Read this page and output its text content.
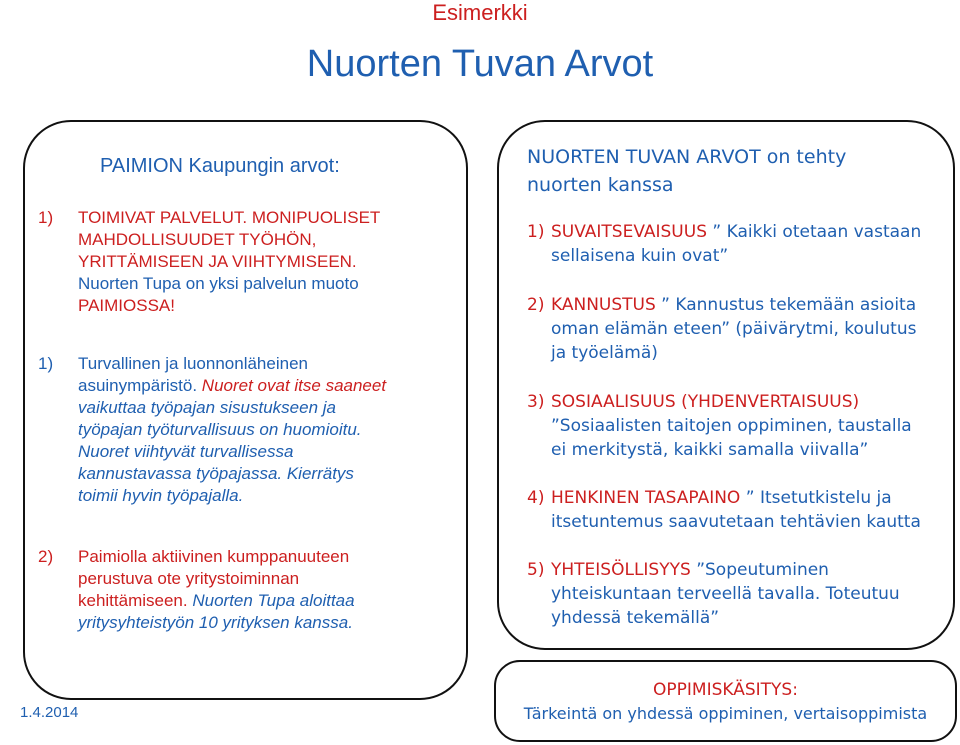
Esimerkki
Nuorten Tuvan Arvot
PAIMION Kaupungin arvot:
1) TOIMIVAT PALVELUT. MONIPUOLISET
MAHDOLLISUUDET TYÖHÖN,
YRITTÄMISEEN JA VIIHTYMISEEN.
Nuorten Tupa on yksi palvelun muoto
PAIMIOSSA!
1) Turvallinen ja luonnonläheinen
asuinympäristö. Nuoret ovat itse saaneet
vaikuttaa työpajan sisustukseen ja
työpajan työturvallisuus on huomioitu.
Nuoret viihtyvät turvallisessa
kannustavassa työpajassa. Kierrätys
toimii hyvin työpajalla.
2) Paimiolla aktiivinen kumppanuuteen
perustuva ote yritystoiminnan
kehittämiseen. Nuorten Tupa aloittaa
yritysyhteistyön 10 yrityksen kanssa.
1.4.2014
NUORTEN TUVAN ARVOT on tehty
nuorten kanssa
1) SUVAITSEVAISUUS ” Kaikki otetaan vastaan
sellaisena kuin ovat”
2) KANNUSTUS ” Kannustus tekemään asioita
oman elämän eteen” (päivärytmi, koulutus
ja työelämä)
3) SOSIAALISUUS (YHDENVERTAISUUS)
”Sosiaalisten taitojen oppiminen, taustalla
ei merkitystä, kaikki samalla viivalla”
4) HENKINEN TASAPAINO ” Itsetutkistelu ja
itsetuntemus saavutetaan tehtävien kautta
5) YHTEISÖLLISYYS ”Sopeutuminen
yhteiskuntaan terveellä tavalla. Toteutuu
yhdessä tekemällä”
OPPIMISKÄSITYS:
Tärkeintä on yhdessä oppiminen, vertaisoppimista
